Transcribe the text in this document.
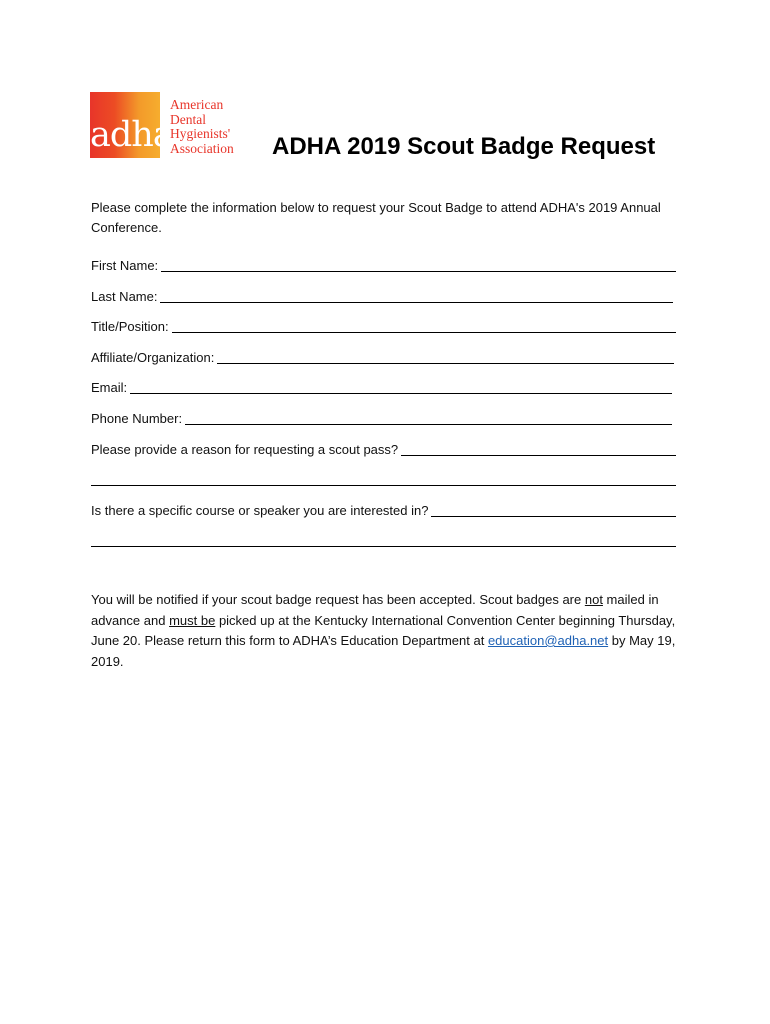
adha

American
Dental
Hygienists'
Association ADHA 2019 Scout Badge Request

Please complete the information below to request your Scout Badge to attend ADHA's 2019 Annual Conference.

First Name:
Last Name:
Title/Position:
Affiliate/Organization:
Email:
Phone Number:
Please provide a reason for requesting a scout pass?
Is there a specific course or speaker you are interested in?

You will be notified if your scout badge request has been accepted. Scout badges are not mailed in advance and must be picked up at the Kentucky International Convention Center beginning Thursday, June 20. Please return this form to ADHA’s Education Department at education@adha.net by May 19, 2019.
